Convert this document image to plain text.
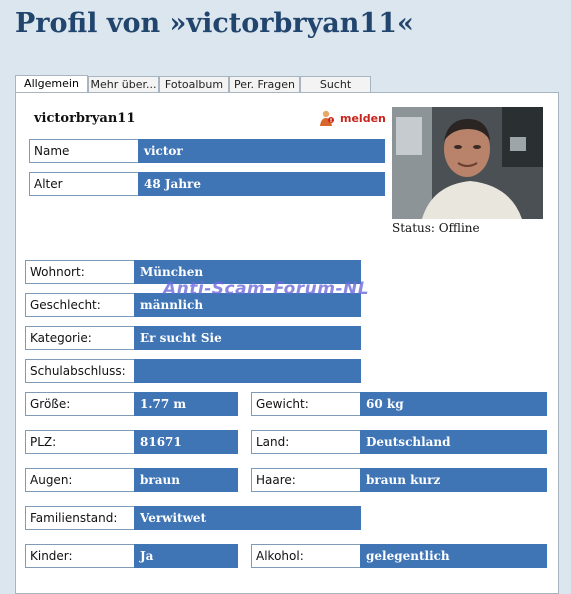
Profil von »victorbryan11«
Allgemein	Mehr über... Fotoalbum Per. Fragen	Sucht
victorbryan11	melden
Status: Offline
Name	victor
Alter	48 Jahre
Wohnort:	München
Geschlecht:	männlich
Kategorie:	Er sucht Sie
Schulabschluss:
Größe:	1.77 m	Gewicht:	60 kg
PLZ:	81671	Land:	Deutschland
Augen:	braun	Haare:	braun kurz
Familienstand:	Verwitwet
Kinder:	Ja	Alkohol:	gelegentlich
Anti-Scam-Forum-NL
